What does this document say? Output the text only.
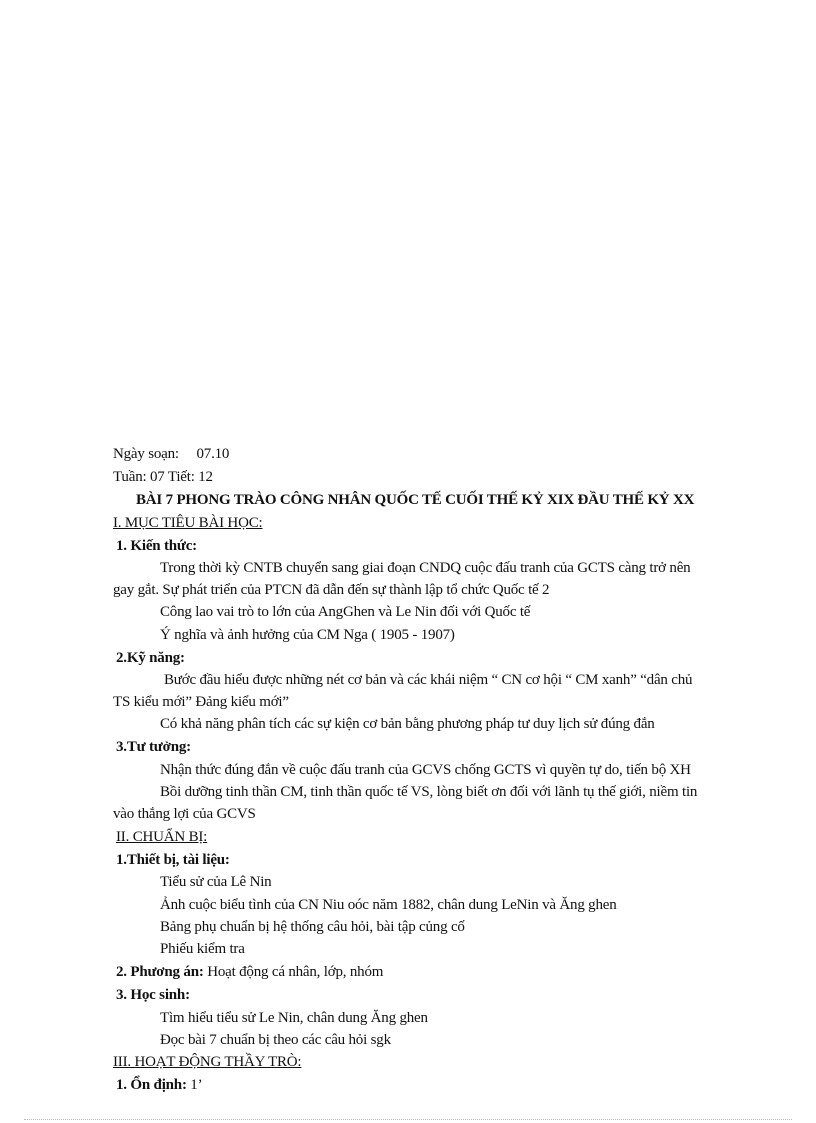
Ngày soạn: 07.10
Tuần: 07 Tiết: 12
BÀI 7 PHONG TRÀO CÔNG NHÂN QUỐC TẾ CUỐI THẾ KỶ XIX ĐẦU THẾ KỶ XX
I. MỤC TIÊU BÀI HỌC:
1. Kiến thức:
Trong thời kỳ CNTB chuyển sang giai đoạn CNDQ cuộc đấu tranh của GCTS càng trở nên
gay gắt. Sự phát triển của PTCN đã dẫn đến sự thành lập tổ chức Quốc tế 2
Công lao vai trò to lớn của AngGhen và Le Nin đối với Quốc tế
Ý nghĩa và ảnh hưởng của CM Nga ( 1905 - 1907)
2.Kỹ năng:
Bước đầu hiểu được những nét cơ bản và các khái niệm “ CN cơ hội “ CM xanh” “dân chủ
TS kiểu mới” Đảng kiểu mới”
Có khả năng phân tích các sự kiện cơ bản bằng phương pháp tư duy lịch sử đúng đắn
3.Tư tưởng:
Nhận thức đúng đắn về cuộc đấu tranh của GCVS chống GCTS vì quyền tự do, tiến bộ XH
Bồi dưỡng tinh thần CM, tinh thần quốc tế VS, lòng biết ơn đối với lãnh tụ thế giới, niềm tin
vào thắng lợi của GCVS
II. CHUẨN BỊ:
1.Thiết bị, tài liệu:
Tiểu sử của Lê Nin
Ảnh cuộc biểu tình của CN Niu oóc năm 1882, chân dung LeNin và Ăng ghen
Bảng phụ chuẩn bị hệ thống câu hỏi, bài tập củng cố
Phiếu kiểm tra
2. Phương án: Hoạt động cá nhân, lớp, nhóm
3. Học sinh:
Tìm hiểu tiểu sử Le Nin, chân dung Ăng ghen
Đọc bài 7 chuẩn bị theo các câu hỏi sgk
III. HOẠT ĐỘNG THẦY TRÒ:
1. Ổn định: 1’
